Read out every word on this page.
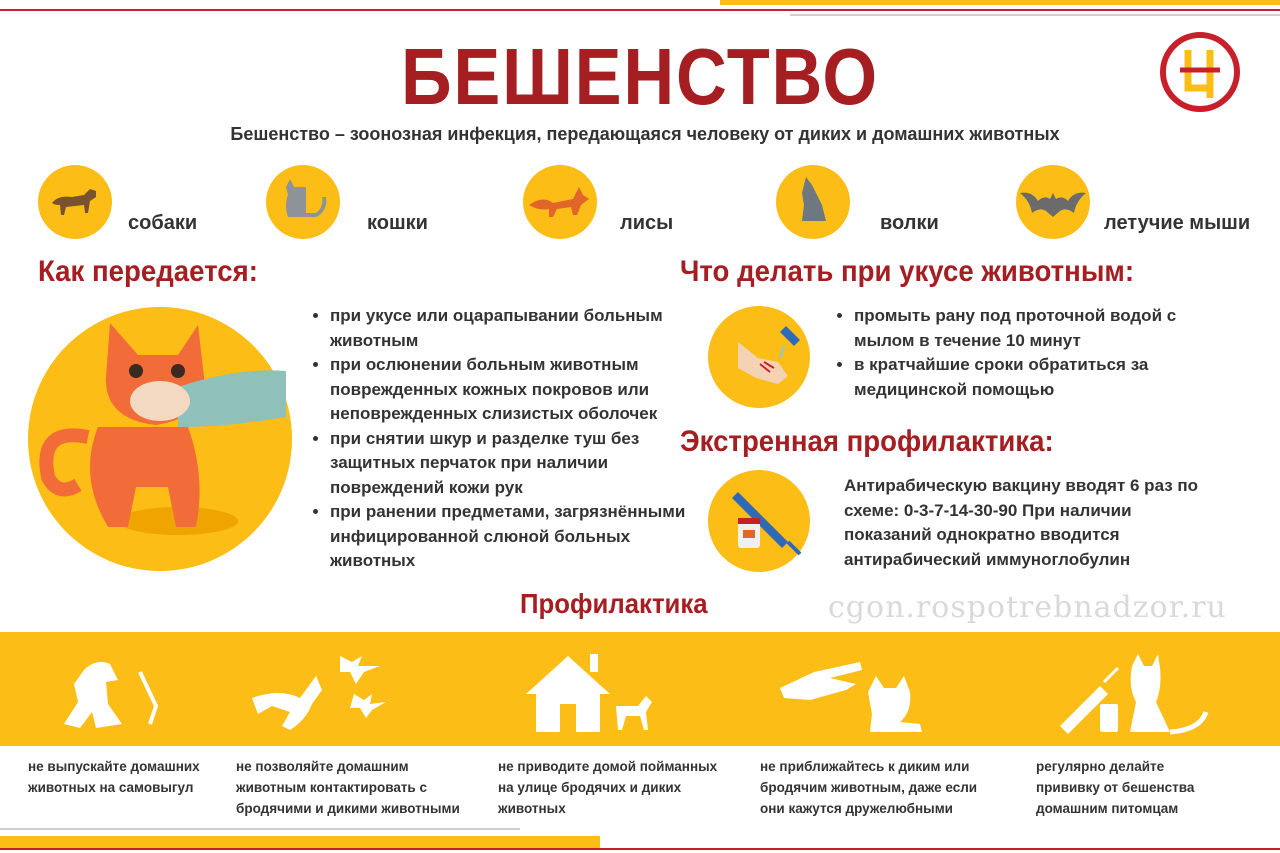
БЕШЕНСТВО
Бешенство – зоонозная инфекция, передающаяся человеку от диких и домашних животных
собаки	кошки	лисы	волки	летучие мыши
Как передается:
• при укусе или оцарапывании больным животным
• при ослюнении больным животным поврежденных кожных покровов или неповрежденных слизистых оболочек
• при снятии шкур и разделке туш без защитных перчаток при наличии повреждений кожи рук
• при ранении предметами, загрязнёнными инфицированной слюной больных животных
Что делать при укусе животным:
• промыть рану под проточной водой с мылом в течение 10 минут
• в кратчайшие сроки обратиться за медицинской помощью
Экстренная профилактика:
Антирабическую вакцину вводят 6 раз по схеме: 0-3-7-14-30-90 При наличии показаний однократно вводится антирабический иммуноглобулин
Профилактика	cgon.rospotrebnadzor.ru
не выпускайте домашних животных на самовыгул
не позволяйте домашним животным контактировать с бродячими и дикими животными
не приводите домой пойманных на улице бродячих и диких животных
не приближайтесь к диким или бродячим животным, даже если они кажутся дружелюбными
регулярно делайте прививку от бешенства домашним питомцам
